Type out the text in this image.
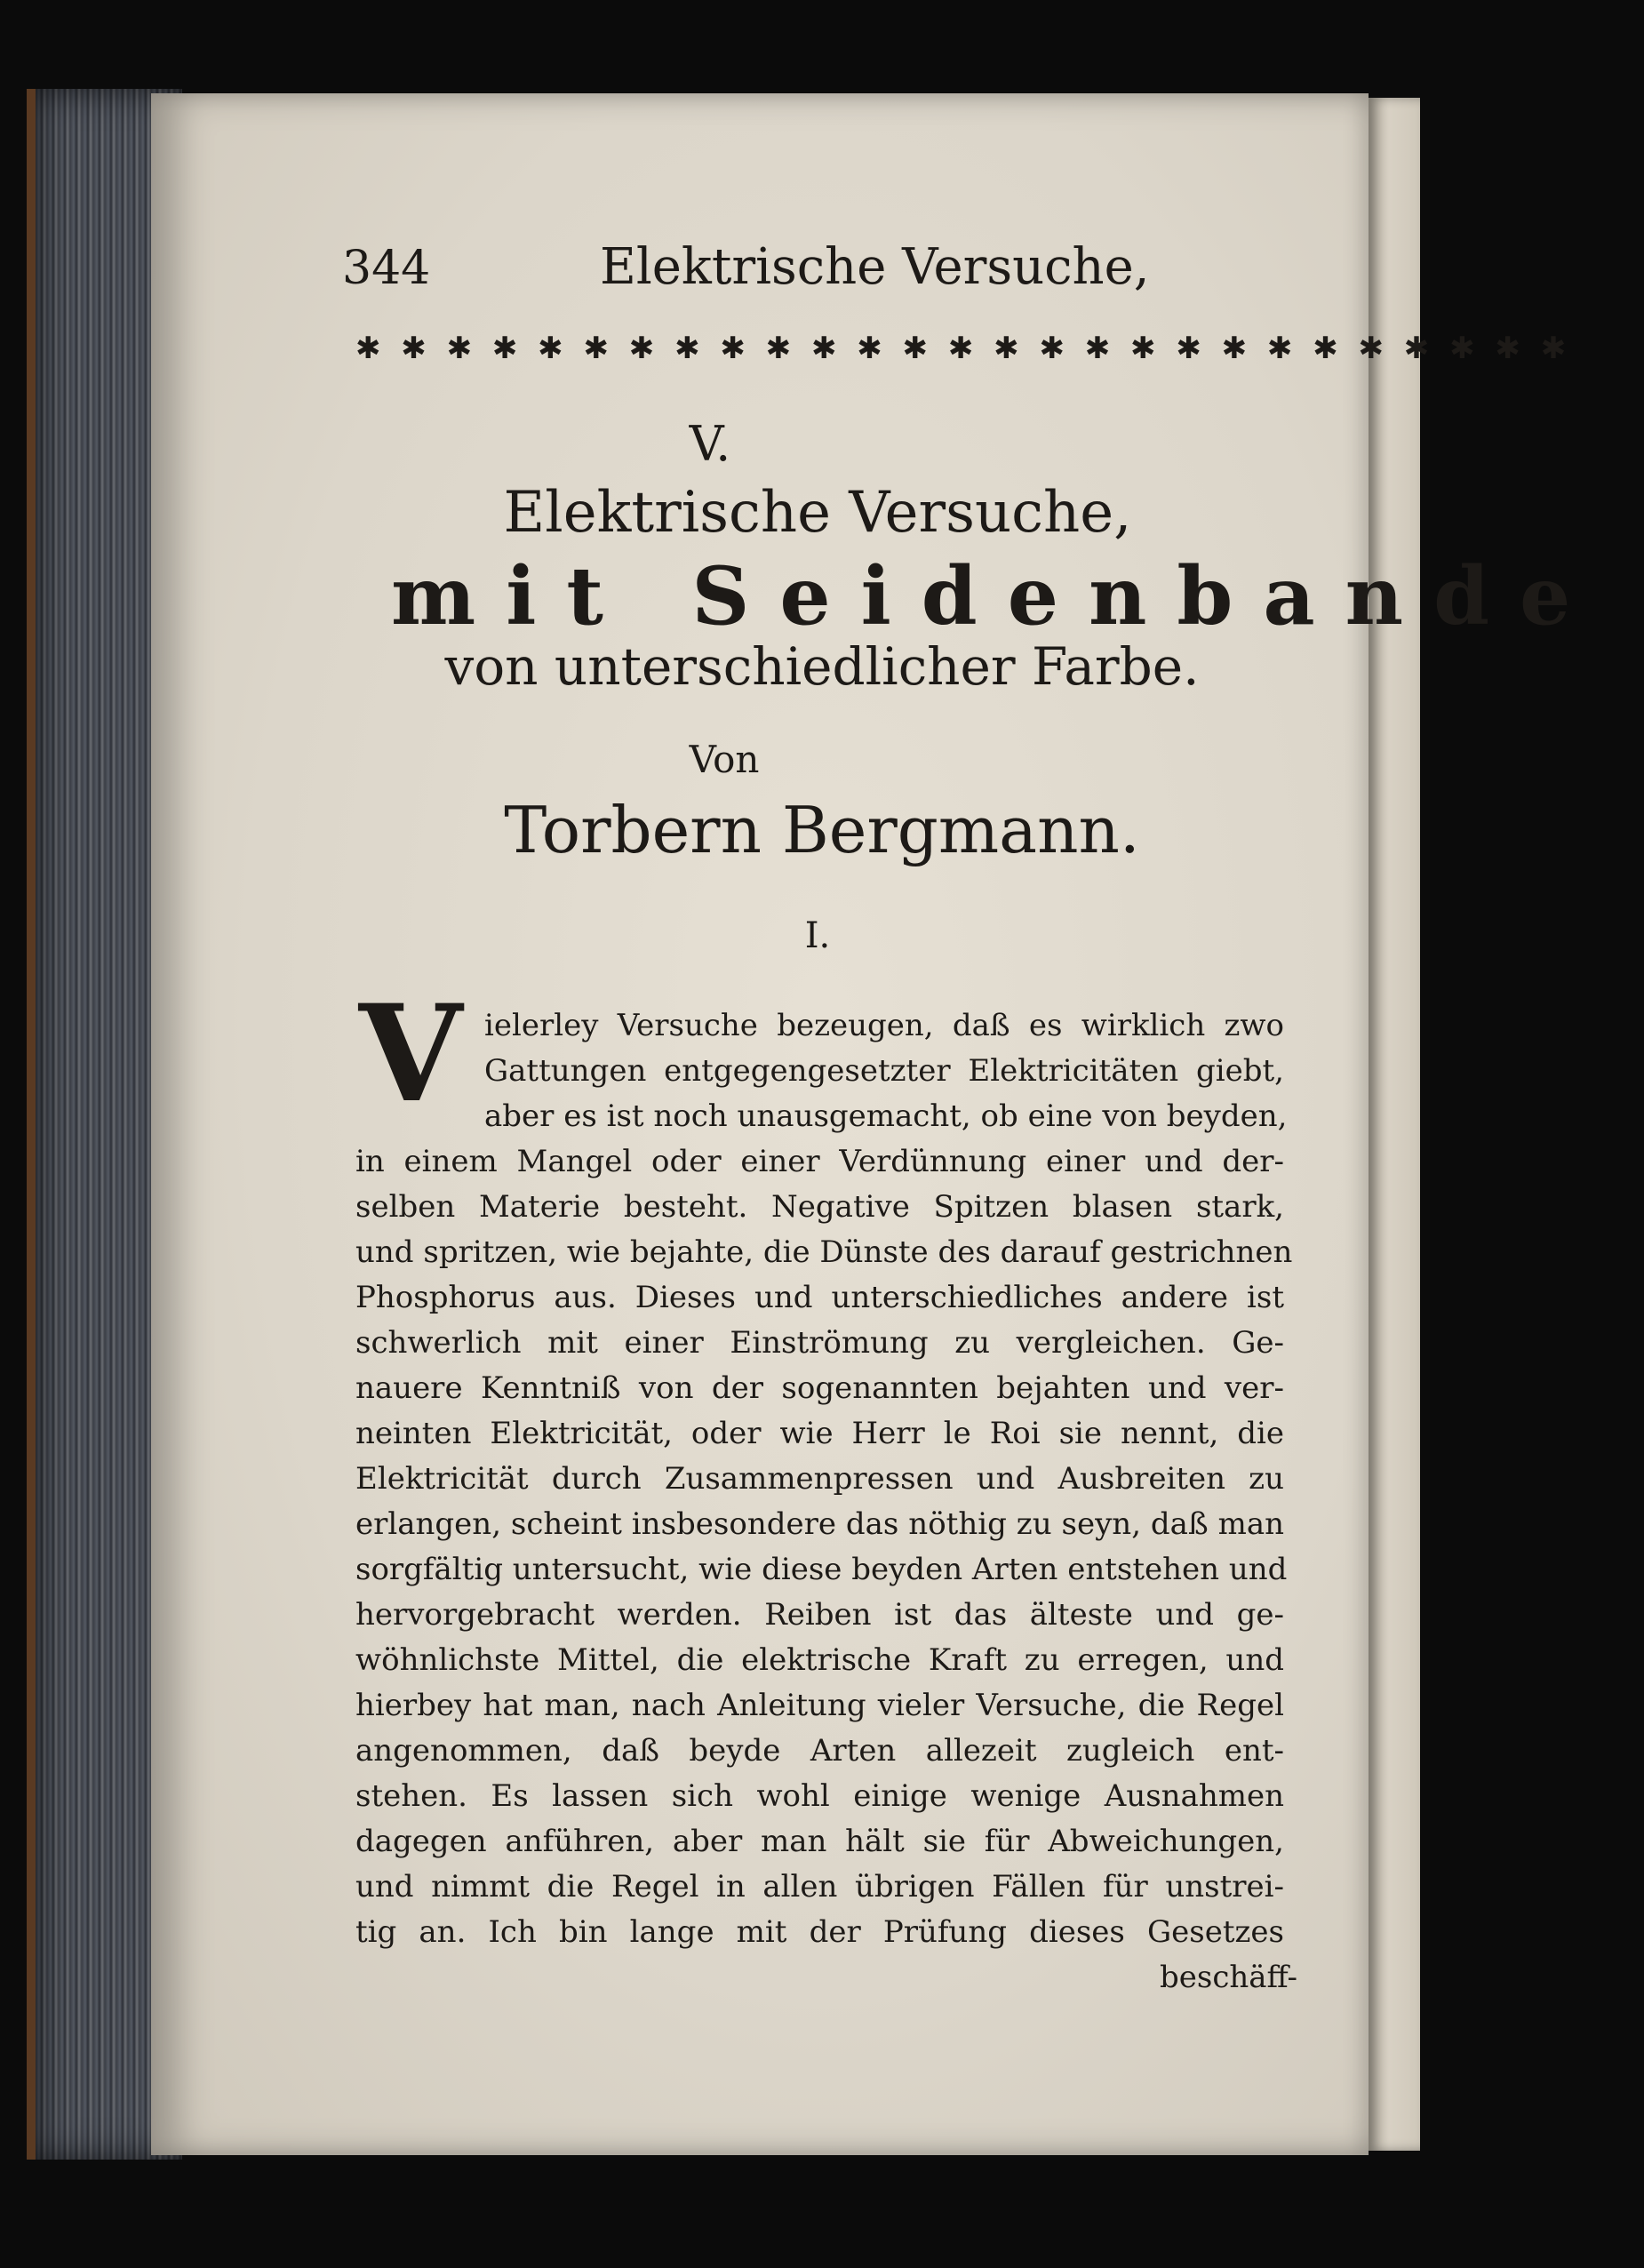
344	Elektrische Versuche,
✱ ✱ ✱ ✱ ✱ ✱ ✱ ✱ ✱ ✱ ✱ ✱ ✱ ✱ ✱ ✱ ✱ ✱ ✱ ✱ ✱ ✱ ✱ ✱ ✱ ✱ ✱
V.
Elektrische Versuche,
mit Seidenbande
von unterschiedlicher Farbe.
Von
Torbern Bergmann.
I.
V ielerley Versuche bezeugen, daß es wirklich zwo
Gattungen entgegengesetzter Elektricitäten giebt,
aber es ist noch unausgemacht, ob eine von beyden,
in einem Mangel oder einer Verdünnung einer und der-
selben Materie besteht. Negative Spitzen blasen stark,
und spritzen, wie bejahte, die Dünste des darauf gestrichnen
Phosphorus aus. Dieses und unterschiedliches andere ist
schwerlich mit einer Einströmung zu vergleichen. Ge-
nauere Kenntniß von der sogenannten bejahten und ver-
neinten Elektricität, oder wie Herr le Roi sie nennt, die
Elektricität durch Zusammenpressen und Ausbreiten zu
erlangen, scheint insbesondere das nöthig zu seyn, daß man
sorgfältig untersucht, wie diese beyden Arten entstehen und
hervorgebracht werden. Reiben ist das älteste und ge-
wöhnlichste Mittel, die elektrische Kraft zu erregen, und
hierbey hat man, nach Anleitung vieler Versuche, die Regel
angenommen, daß beyde Arten allezeit zugleich ent-
stehen. Es lassen sich wohl einige wenige Ausnahmen
dagegen anführen, aber man hält sie für Abweichungen,
und nimmt die Regel in allen übrigen Fällen für unstrei-
tig an. Ich bin lange mit der Prüfung dieses Gesetzes
beschäff-
